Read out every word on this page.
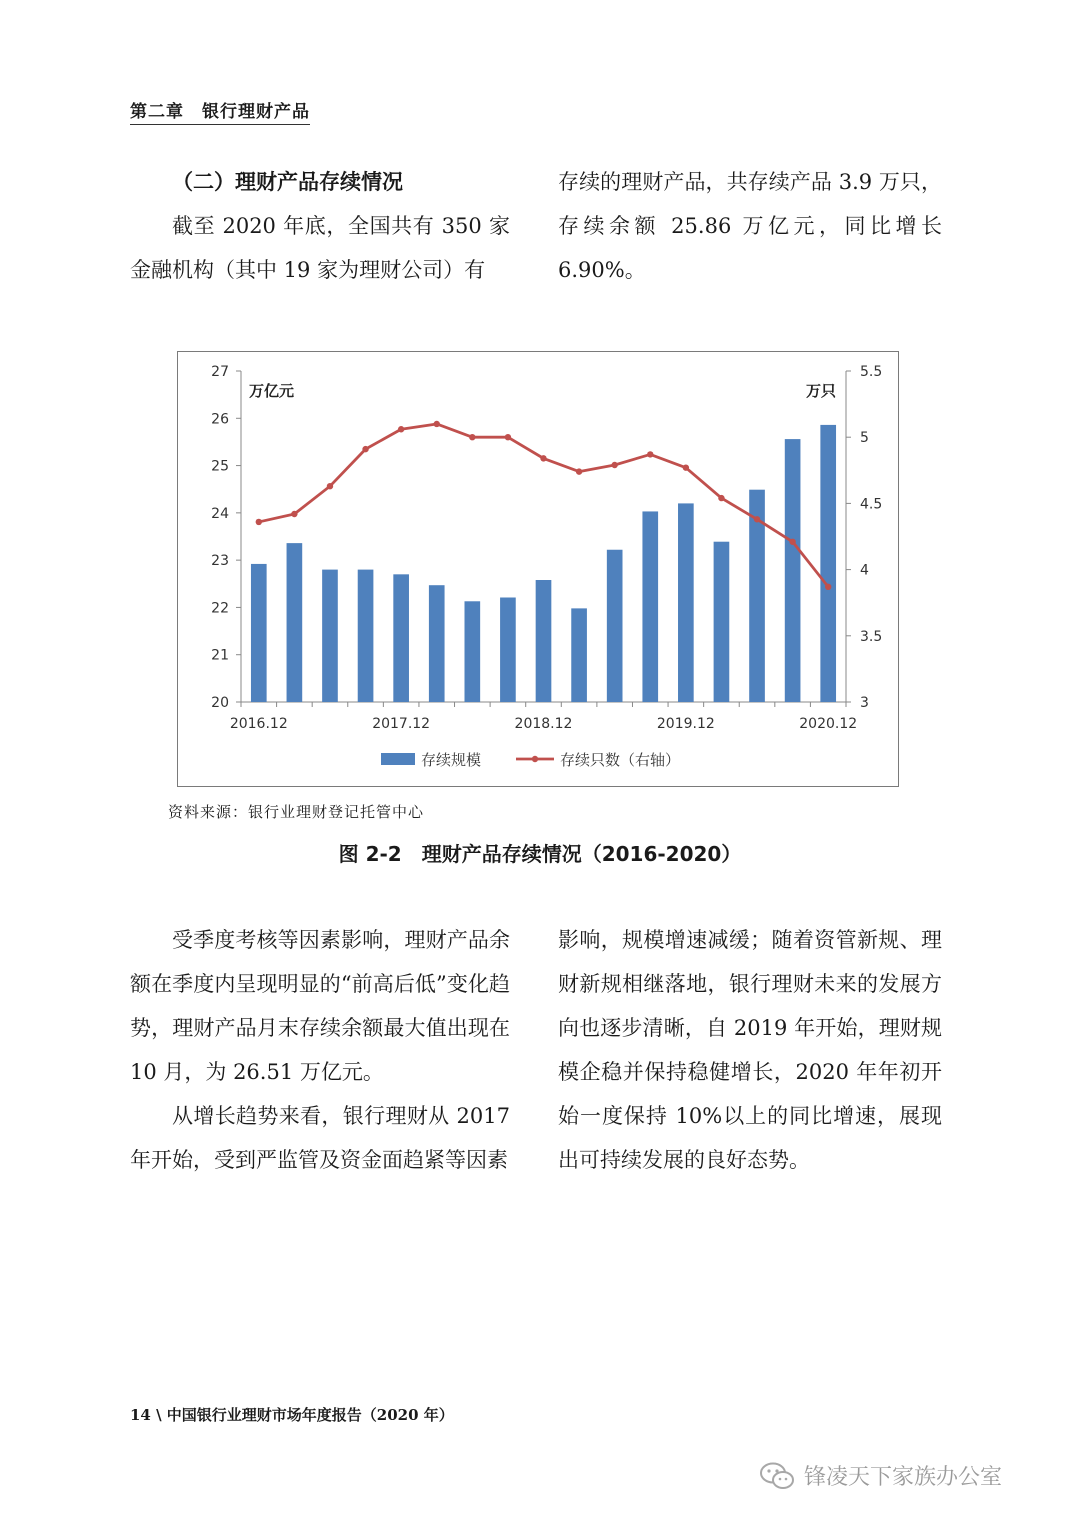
第二章　银行理财产品

（二）理财产品存续情况

截至 2020 年底，全国共有 350 家金融机构（其中 19 家为理财公司）有

存续的理财产品，共存续产品 3.9 万只，存续余额 25.86 万亿元，同比增长 6.90%。

20
21
22
23
24
25
26
27
3
3.5
4
4.5
5
5.5
万亿元	万只
2016.12	2017.12	2018.12	2019.12	2020.12
存续规模	存续只数（右轴）
资料来源：银行业理财登记托管中心
图 2-2　理财产品存续情况（2016-2020）

受季度考核等因素影响，理财产品余额在季度内呈现明显的“前高后低”变化趋势，理财产品月末存续余额最大值出现在 10 月，为 26.51 万亿元。

从增长趋势来看，银行理财从 2017 年开始，受到严监管及资金面趋紧等因素

影响，规模增速减缓；随着资管新规、理财新规相继落地，银行理财未来的发展方向也逐步清晰，自 2019 年开始，理财规模企稳并保持稳健增长，2020 年年初开始一度保持 10%以上的同比增速，展现出可持续发展的良好态势。

14 \ 中国银行业理财市场年度报告（2020 年）
锋凌天下家族办公室
